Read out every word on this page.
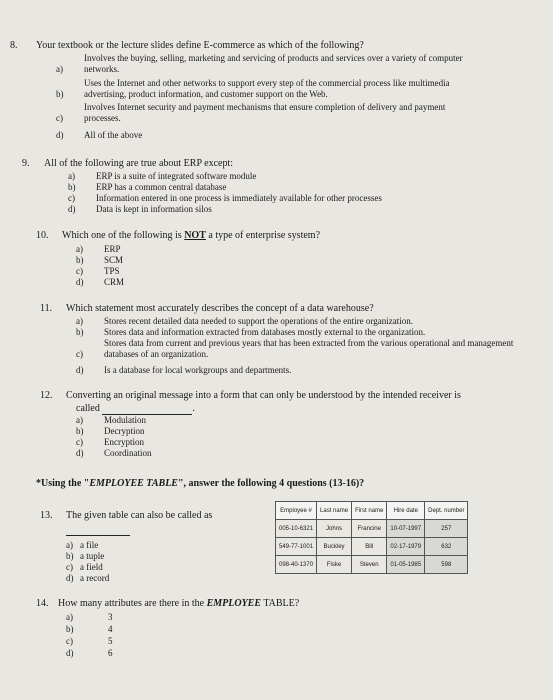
8. Your textbook or the lecture slides define E-commerce as which of the following?
a)Involves the buying, selling, marketing and servicing of products and services over a variety of computer networks.
b)Uses the Internet and other networks to support every step of the commercial process like multimedia advertising, product information, and customer support on the Web.
c)Involves Internet security and payment mechanisms that ensure completion of delivery and payment processes.
d) All of the above
9. All of the following are true about ERP except:
a) ERP is a suite of integrated software module
b) ERP has a common central database
c) Information entered in one process is immediately available for other processes
d) Data is kept in information silos
10. Which one of the following is NOT a type of enterprise system?
a) ERP
b) SCM
c) TPS
d) CRM
11. Which statement most accurately describes the concept of a data warehouse?
a) Stores recent detailed data needed to support the operations of the entire organization.
b) Stores data and information extracted from databases mostly external to the organization.
c)Stores data from current and previous years that has been extracted from the various operational and management databases of an organization.
d) Is a database for local workgroups and departments.
12. Converting an original message into a form that can only be understood by the intended receiver is
called	.
a) Modulation
b) Decryption
c) Encryption
d) Coordination
*Using the "EMPLOYEE TABLE", answer the following 4 questions (13-16)?
13. The given table can also be called as
a) a file
b) a tuple
c) a field
d) a record
Employee #	Last name	First name	Hire date	Dept. number
005-10-6321	Johns	Francine	10-07-1997	257
549-77-1001	Buckley	Bill	02-17-1979	632
098-40-1370	Fiske	Steven	01-05-1985	598
14. How many attributes are there in the EMPLOYEE TABLE?
a)	3
b)	4
c)	5
d)	6
